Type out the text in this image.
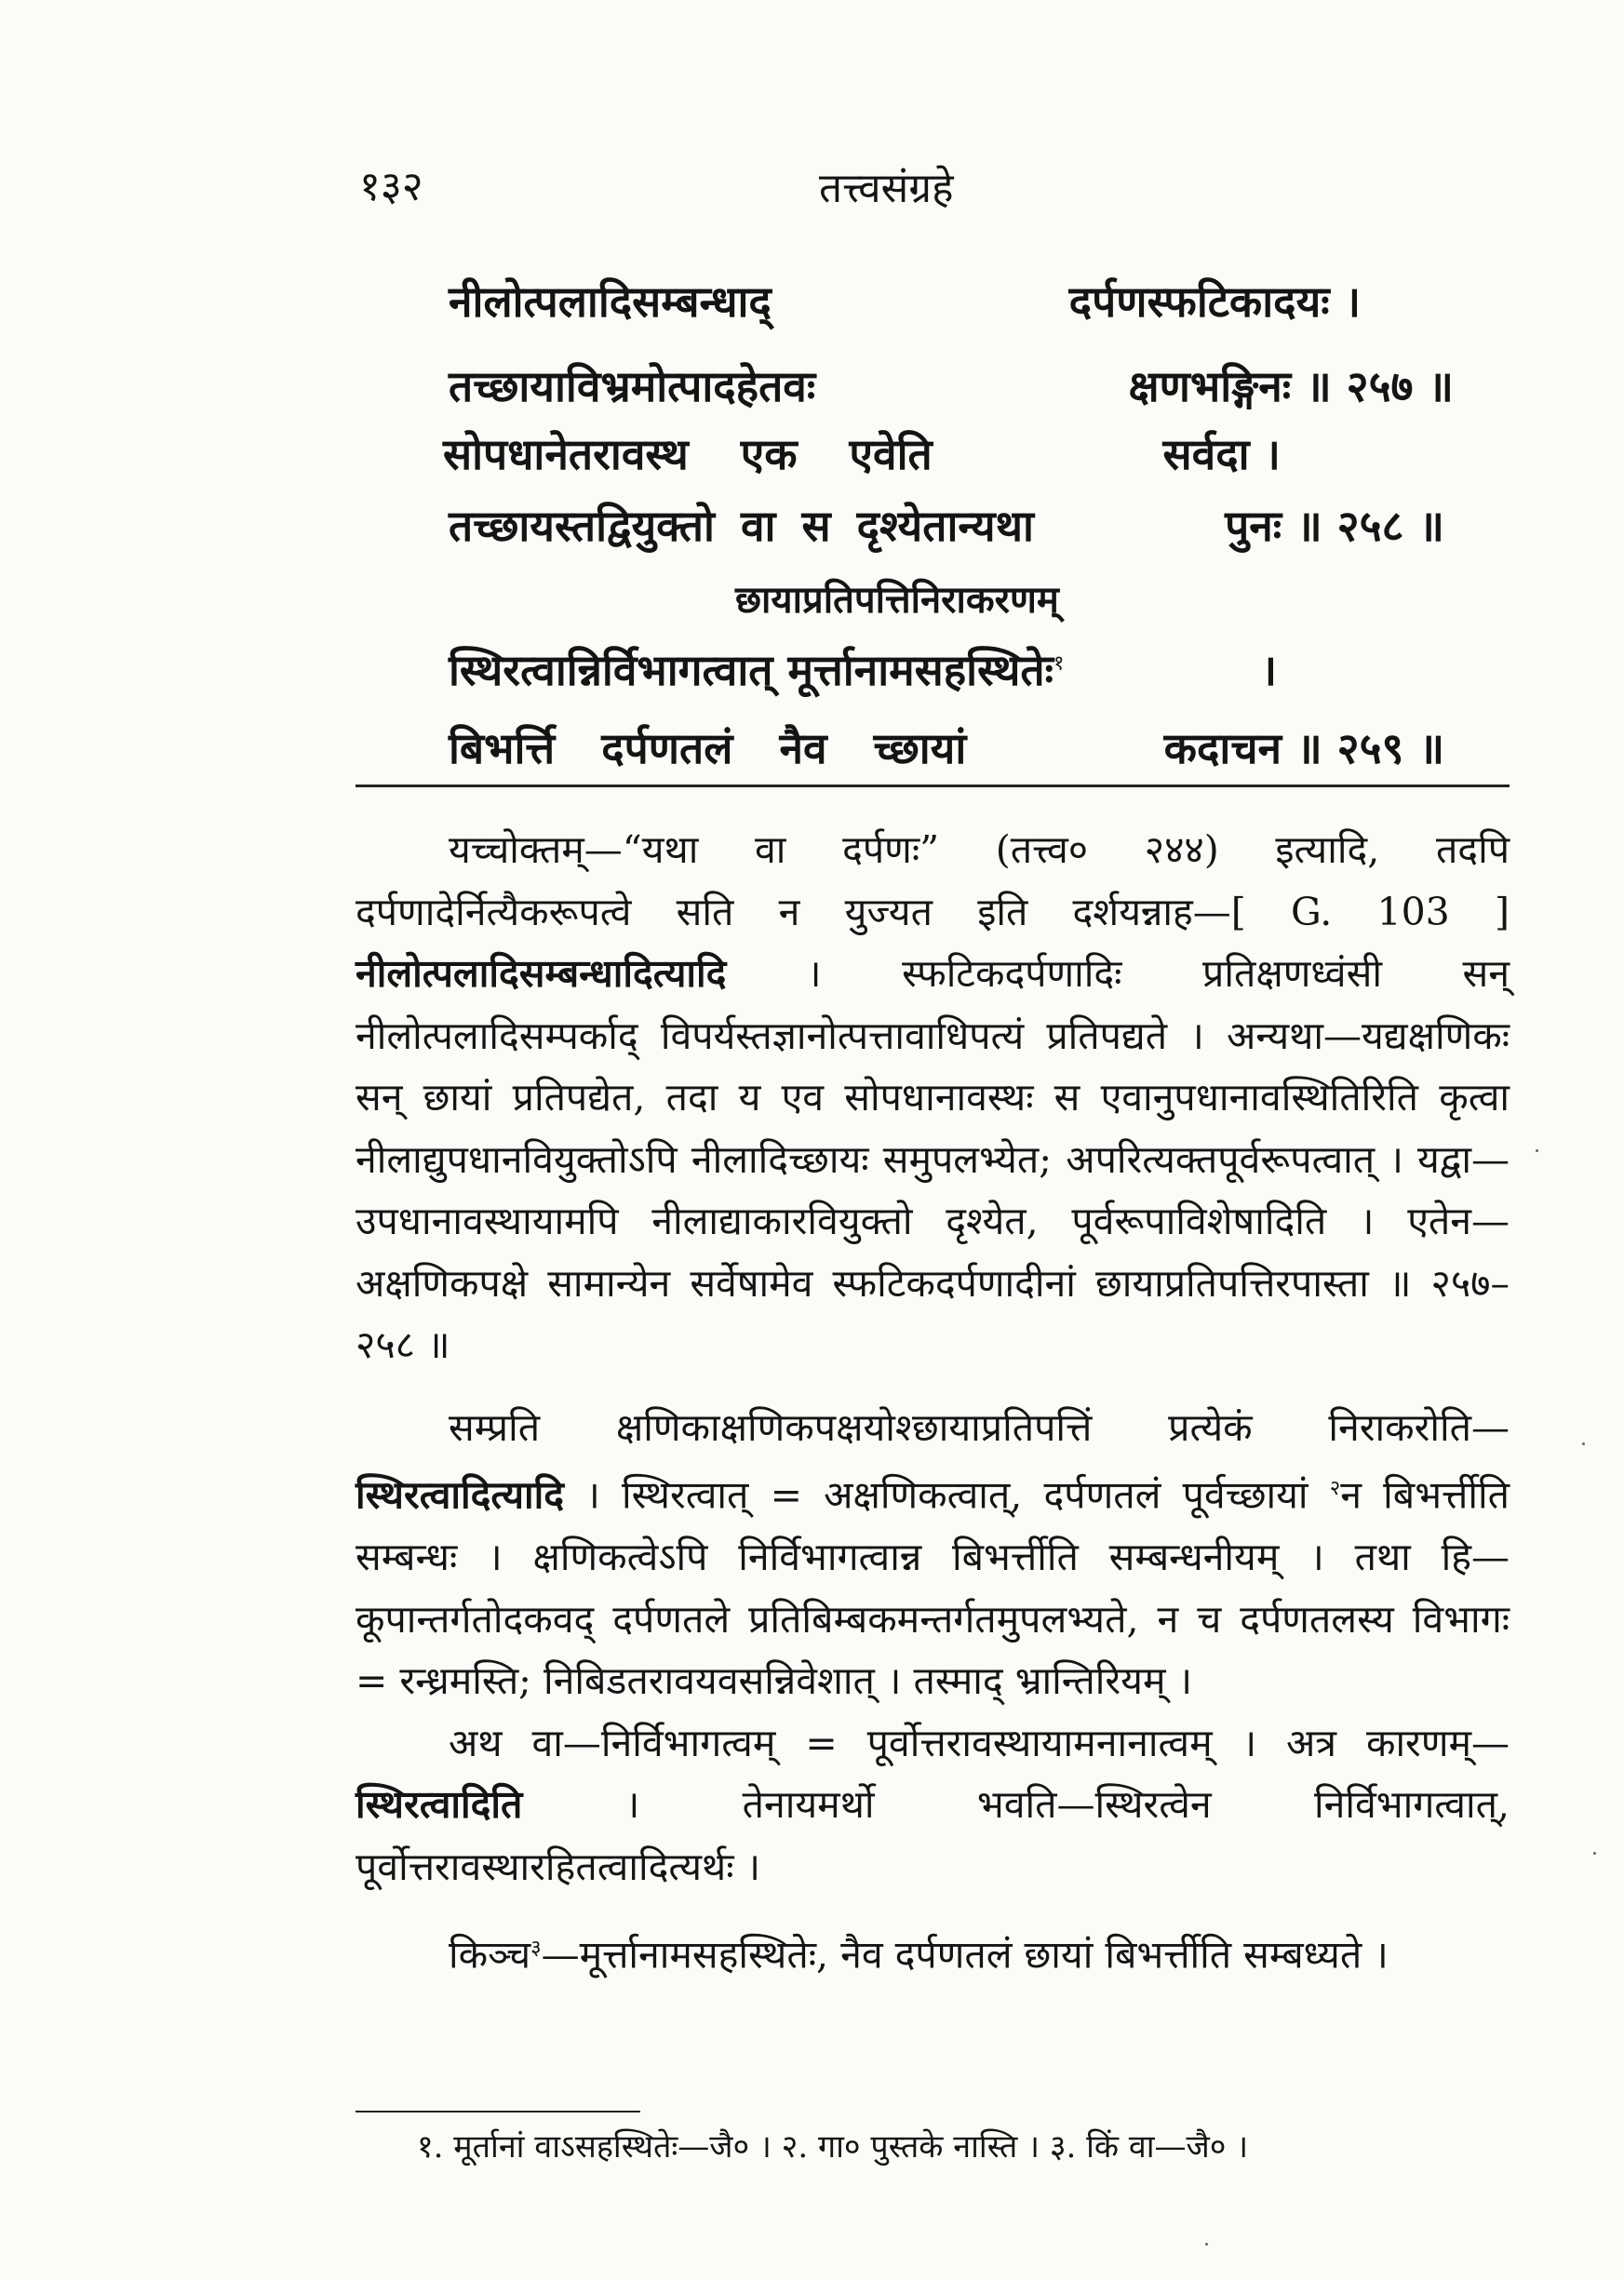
१३२	तत्त्वसंग्रहे
नीलोत्पलादिसम्बन्धाद्	दर्पणस्फटिकादयः ।
तच्छायाविभ्रमोत्पादहेतवः	क्षणभङ्गिनः ॥ २५७ ॥
सोपधानेतरावस्थ एक एवेति	सर्वदा ।
तच्छायस्तद्वियुक्तो वा स दृश्येतान्यथा	पुनः ॥ २५८ ॥
छायाप्रतिपत्तिनिराकरणम्
स्थिरत्वान्निर्विभागत्वात् मूर्त्तानामसहस्थितेः$^१$	।
बिभर्त्ति दर्पणतलं नैव च्छायां	कदाचन ॥ २५९ ॥

यच्चोक्तम्—“यथा वा दर्पणः” (तत्त्व० २४४) इत्यादि, तदपि दर्पणादेर्नित्यैकरूपत्वे सति न युज्यत इति दर्शयन्नाह—[ G. 103 ] नीलोत्पलादिसम्बन्धादित्यादि । स्फटिकदर्पणादिः प्रतिक्षणध्वंसी सन् नीलोत्पलादिसम्पर्काद् विपर्यस्तज्ञानोत्पत्तावाधिपत्यं प्रतिपद्यते । अन्यथा—यद्यक्षणिकः सन् छायां प्रतिपद्येत, तदा य एव सोपधानावस्थः स एवानुपधानावस्थितिरिति कृत्वा नीलाद्युपधानवियुक्तोऽपि नीलादिच्छायः समुपलभ्येत; अपरित्यक्तपूर्वरूपत्वात् । यद्वा—उपधानावस्थायामपि नीलाद्याकारवियुक्तो दृश्येत, पूर्वरूपाविशेषादिति । एतेन—अक्षणिकपक्षे सामान्येन सर्वेषामेव स्फटिकदर्पणादीनां छायाप्रतिपत्तिरपास्ता ॥ २५७–२५८ ॥

सम्प्रति क्षणिकाक्षणिकपक्षयोश्छायाप्रतिपत्तिं प्रत्येकं निराकरोति—स्थिरत्वादित्यादि । स्थिरत्वात् = अक्षणिकत्वात्, दर्पणतलं पूर्वच्छायां $^२$न बिभर्त्तीति सम्बन्धः । क्षणिकत्वेऽपि निर्विभागत्वान्न बिभर्त्तीति सम्बन्धनीयम् । तथा हि—कूपान्तर्गतोदकवद् दर्पणतले प्रतिबिम्बकमन्तर्गतमुपलभ्यते, न च दर्पणतलस्य विभागः = रन्ध्रमस्ति; निबिडतरावयवसन्निवेशात् । तस्माद् भ्रान्तिरियम् ।

अथ वा—निर्विभागत्वम् = पूर्वोत्तरावस्थायामनानात्वम् । अत्र कारणम्—स्थिरत्वादिति	। तेनायमर्थो भवति—स्थिरत्वेन निर्विभागत्वात्, पूर्वोत्तरावस्थारहितत्वादित्यर्थः ।

किञ्च$^३$—मूर्त्तानामसहस्थितेः, नैव दर्पणतलं छायां बिभर्त्तीति सम्बध्यते ।

१. मूर्तानां वाऽसहस्थितेः—जै० । २. गा० पुस्तके नास्ति । ३. किं वा—जै० ।
